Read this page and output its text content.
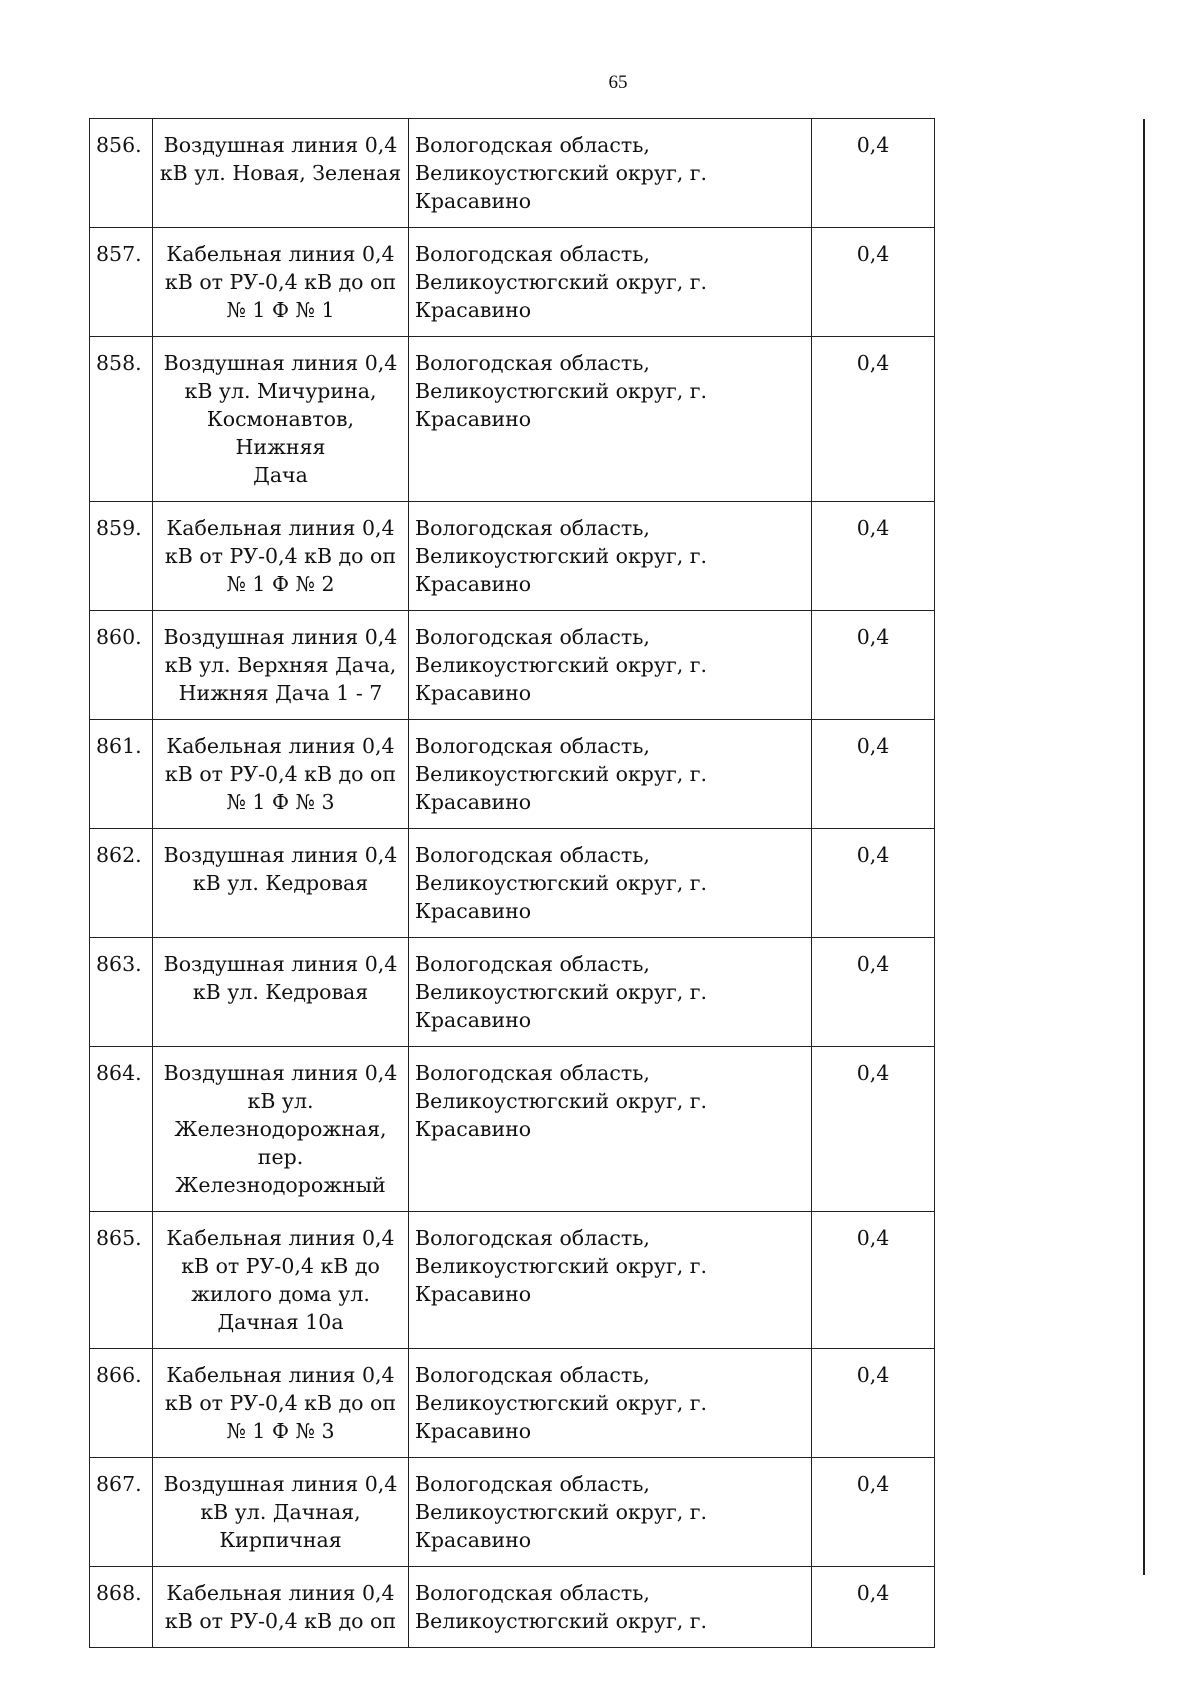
65
856.	Воздушная линия 0,4
кВ ул. Новая, Зеленая	Вологодская область,
Великоустюгский округ, г.
Красавино	0,4
857.	Кабельная линия 0,4
кВ от РУ-0,4 кВ до оп
№ 1 Ф № 1	Вологодская область,
Великоустюгский округ, г.
Красавино	0,4
858.	Воздушная линия 0,4
кВ ул. Мичурина,
Космонавтов, Нижняя
Дача	Вологодская область,
Великоустюгский округ, г.
Красавино	0,4
859.	Кабельная линия 0,4
кВ от РУ-0,4 кВ до оп
№ 1 Ф № 2	Вологодская область,
Великоустюгский округ, г.
Красавино	0,4
860.	Воздушная линия 0,4
кВ ул. Верхняя Дача,
Нижняя Дача 1 - 7	Вологодская область,
Великоустюгский округ, г.
Красавино	0,4
861.	Кабельная линия 0,4
кВ от РУ-0,4 кВ до оп
№ 1 Ф № 3	Вологодская область,
Великоустюгский округ, г.
Красавино	0,4
862.	Воздушная линия 0,4
кВ ул. Кедровая	Вологодская область,
Великоустюгский округ, г.
Красавино	0,4
863.	Воздушная линия 0,4
кВ ул. Кедровая	Вологодская область,
Великоустюгский округ, г.
Красавино	0,4
864.	Воздушная линия 0,4
кВ ул.
Железнодорожная,
пер.
Железнодорожный	Вологодская область,
Великоустюгский округ, г.
Красавино	0,4
865.	Кабельная линия 0,4
кВ от РУ-0,4 кВ до
жилого дома ул.
Дачная 10а	Вологодская область,
Великоустюгский округ, г.
Красавино	0,4
866.	Кабельная линия 0,4
кВ от РУ-0,4 кВ до оп
№ 1 Ф № 3	Вологодская область,
Великоустюгский округ, г.
Красавино	0,4
867.	Воздушная линия 0,4
кВ ул. Дачная,
Кирпичная	Вологодская область,
Великоустюгский округ, г.
Красавино	0,4
868.	Кабельная линия 0,4
кВ от РУ-0,4 кВ до оп	Вологодская область,
Великоустюгский округ, г.	0,4
